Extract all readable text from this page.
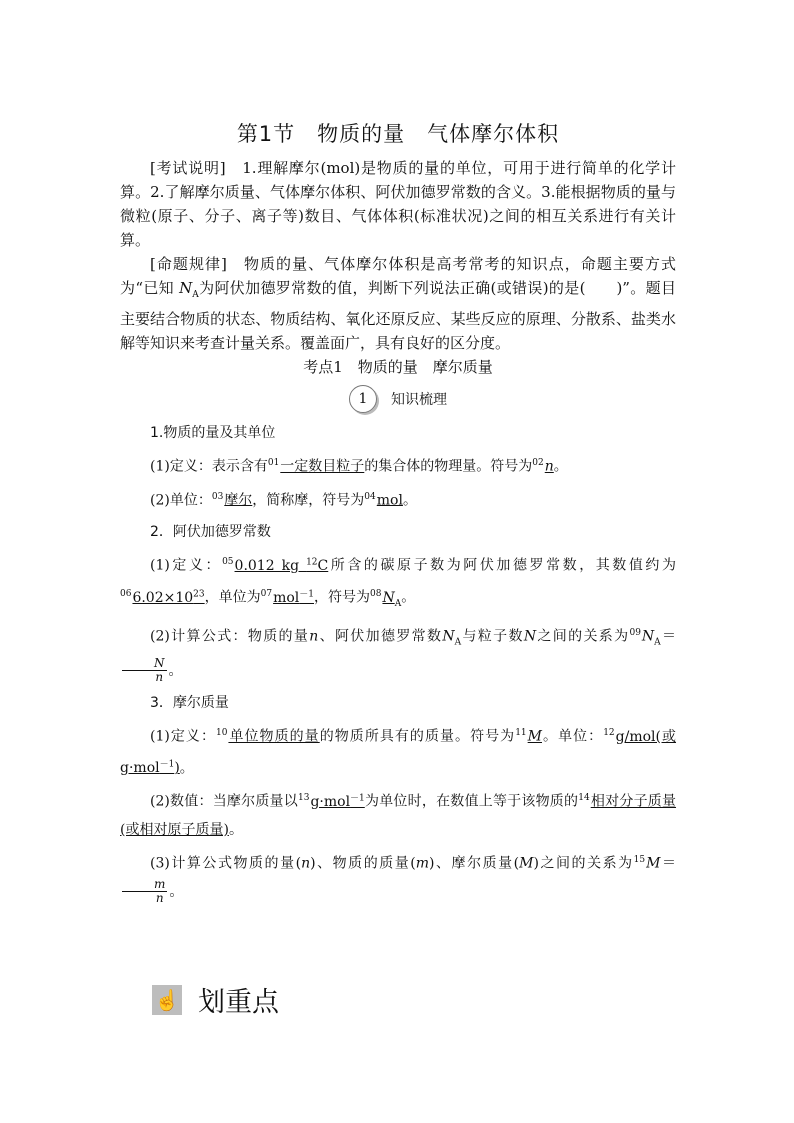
第1节　物质的量　气体摩尔体积

[考试说明]　 1.理解摩尔(mol)是物质的量的单位，可用于进行简单的化学计算。2.了解摩尔质量、气体摩尔体积、阿伏加德罗常数的含义。3.能根据物质的量与微粒(原子、分子、离子等)数目、气体体积(标准状况)之间的相互关系进行有关计算。

[命题规律]　 物质的量、气体摩尔体积是高考常考的知识点，命题主要方式为“已知 $N_A$为阿伏加德罗常数的值，判断下列说法正确(或错误)的是(　　)”。题目主要结合物质的状态、物质结构、氧化还原反应、某些反应的原理、分散系、盐类水解等知识来考查计量关系。覆盖面广，具有良好的区分度。

考点1　物质的量　摩尔质量

1	知识梳理
1.物质的量及其单位

(1)定义：表示含有$^{01}$一定数目粒子的集合体的物理量。符号为$^{02}$n。

(2)单位：$^{03}$摩尔，简称摩，符号为$^{04}$mol。

2．阿伏加德罗常数

(1)定义：$^{05}$0.012 kg $^{12}$C所含的碳原子数为阿伏加德罗常数，其数值约为$^{06}6.02\times 10^{23}$，单位为$^{07}$mol$^{-1}$，符号为$^{08}N_A$。

(2)计算公式：物质的量n、阿伏加德罗常数$N_A$与粒子数N之间的关系为$^{09}N_A=$
$\frac{N}{n}$ 。

3．摩尔质量

(1)定义：$^{10}$单位物质的量的物质所具有的质量。符号为$^{11}$M。单位：$^{12}$g/mol(或 g·mol$^{-1}$)。

(2)数值：当摩尔质量以$^{13}$g·mol$^{-1}$为单位时，在数值上等于该物质的$^{14}$相对分子质量(或相对原子质量)。

(3)计算公式物质的量(n)、物质的质量(m)、摩尔质量(M)之间的关系为$^{15}$M＝
$\frac{m}{n}$ 。

☝ 划重点
